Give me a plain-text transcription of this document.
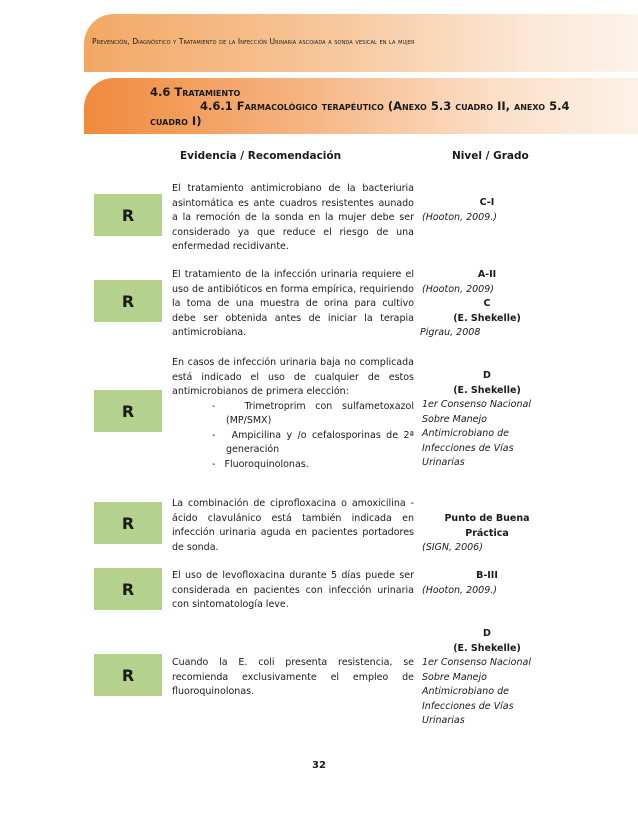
Prevención, Diagnóstico y Tratamiento de la Infección Urinaria ascoiada a sonda vesical en la mujer
4.6 Tratamiento
4.6.1 Farmacológico terapéutico (Anexo 5.3 cuadro II, anexo 5.4
cuadro I)
Evidencia / Recomendación	Nivel / Grado
R
El tratamiento antimicrobiano de la bacteriuria asintomática es ante cuadros resistentes aunado a la remoción de la sonda en la mujer debe ser considerado ya que reduce el riesgo de una enfermedad recidivante.
C-I
(Hooton, 2009.)
R
El tratamiento de la infección urinaria requiere el uso de antibióticos en forma empírica, requiriendo la toma de una muestra de orina para cultivo debe ser obtenida antes de iniciar la terapia antimicrobiana.
A-II
(Hooton, 2009)
C
(E. Shekelle)
Pigrau, 2008
R
En casos de infección urinaria baja no complicada está indicado el uso de cualquier de estos antimicrobianos de primera elección:
-   Trimetroprim con sulfametoxazol (MP/SMX)
-   Ampicilina y /o cefalosporinas de 2ª generación
-   Fluoroquinolonas.
D
(E. Shekelle)
1er Consenso Nacional Sobre Manejo Antimicrobiano de Infecciones de Vías Urinarias
R
La combinación de ciprofloxacina o amoxicilina - ácido clavulánico está también indicada en infección urinaria aguda en pacientes portadores de sonda.
Punto de Buena Práctica
(SIGN, 2006)
R
El uso de levofloxacina durante 5 días puede ser considerada en pacientes con infección urinaria con sintomatología leve.
B-III
(Hooton, 2009.)
R
Cuando la E. coli presenta resistencia, se recomienda exclusivamente el empleo de fluoroquinolonas.
D
(E. Shekelle)
1er Consenso Nacional Sobre Manejo Antimicrobiano de Infecciones de Vías Urinarias
32
